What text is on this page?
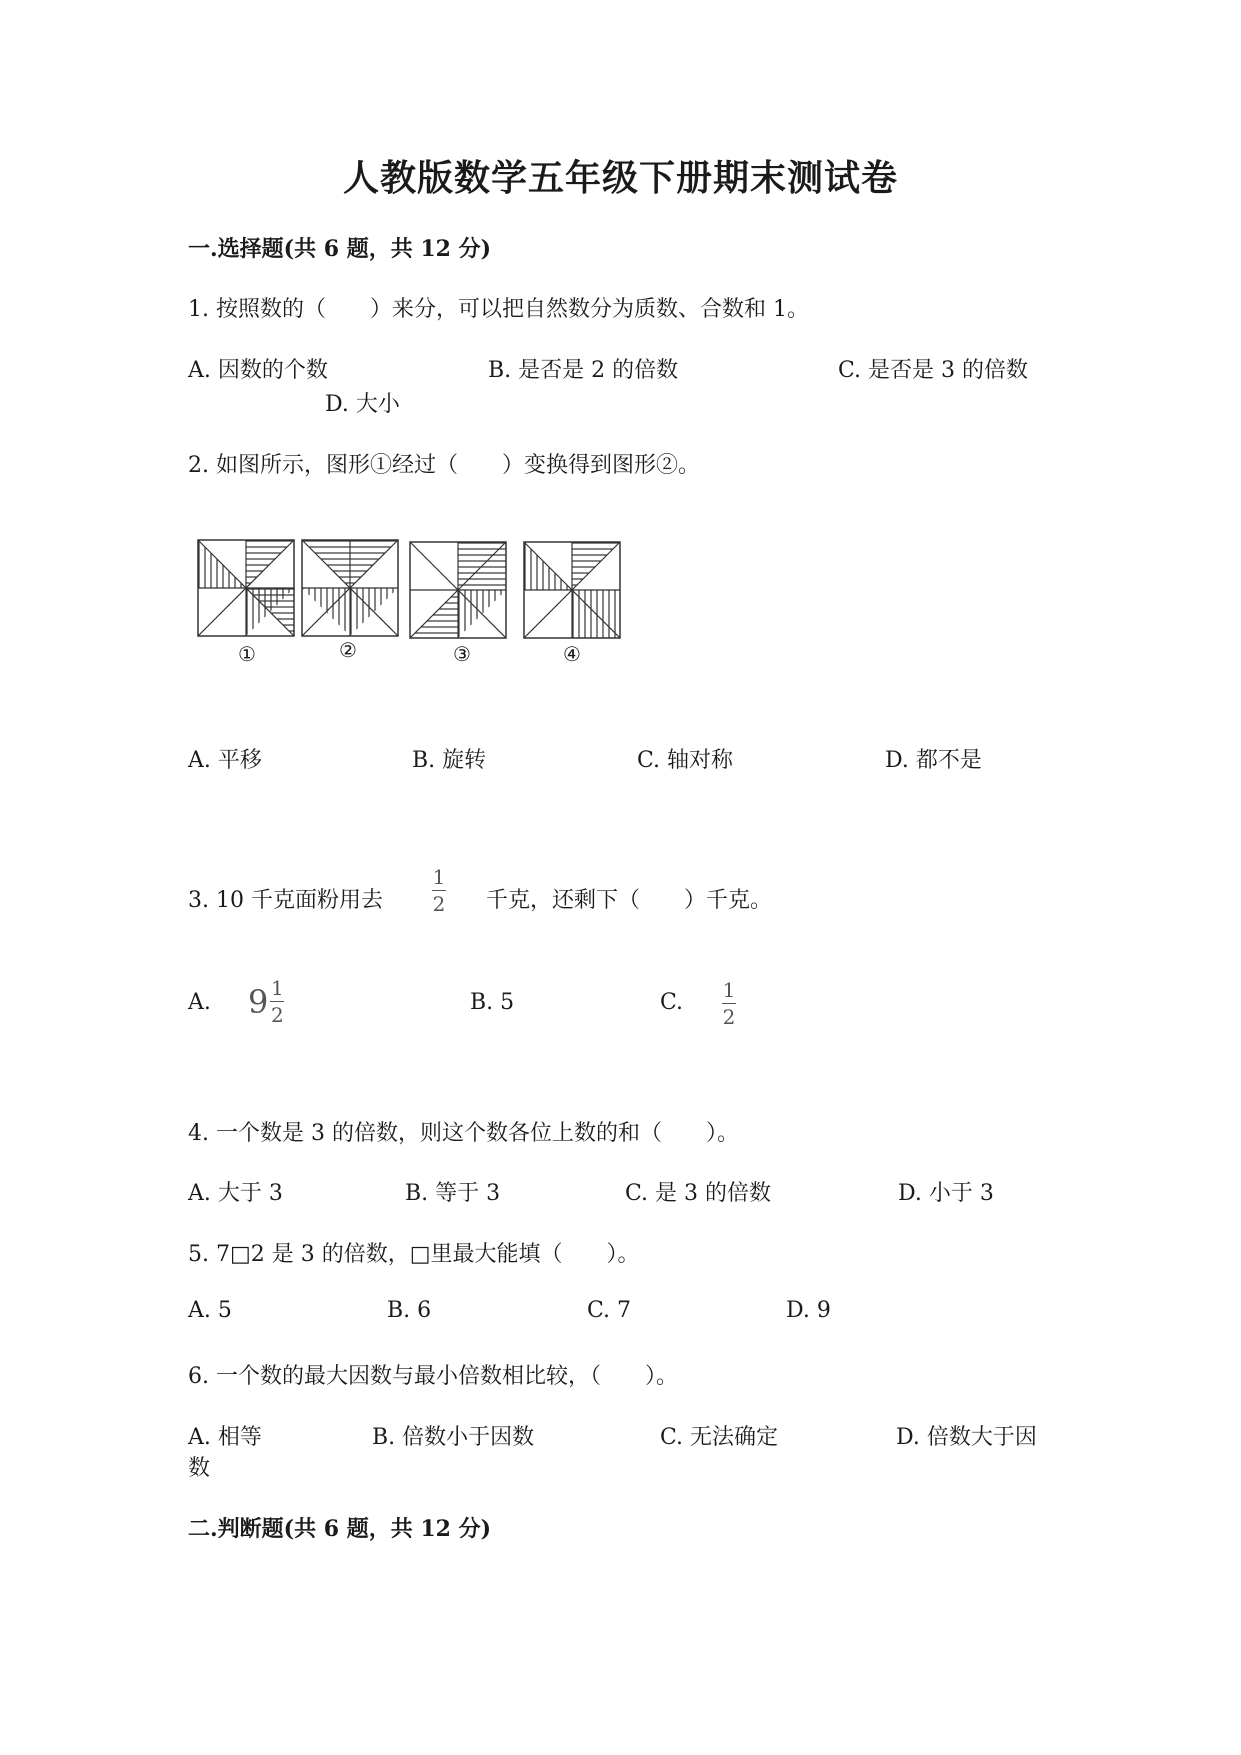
人教版数学五年级下册期末测试卷
一.选择题(共 6 题，共 12 分)
1. 按照数的（　　）来分，可以把自然数分为质数、合数和 1。
A. 因数的个数	B. 是否是 2 的倍数	C. 是否是 3 的倍数
D. 大小
2. 如图所示，图形①经过（　　）变换得到图形②。
①	②	③	④
A. 平移	B. 旋转	C. 轴对称	D. 都不是
3. 10 千克面粉用去
1
2 千克，还剩下（　　）千克。
A. $9 \frac{1}{2}$	B. 5	C. 1
2
4. 一个数是 3 的倍数，则这个数各位上数的和（　　）。
A. 大于 3	B. 等于 3	C. 是 3 的倍数	D. 小于 3
5. 7□2 是 3 的倍数，□里最大能填（　　）。
A. 5	B. 6	C. 7	D. 9
6. 一个数的最大因数与最小倍数相比较，（　　）。
A. 相等	B. 倍数小于因数	C. 无法确定	D. 倍数大于因
数
二.判断题(共 6 题，共 12 分)
